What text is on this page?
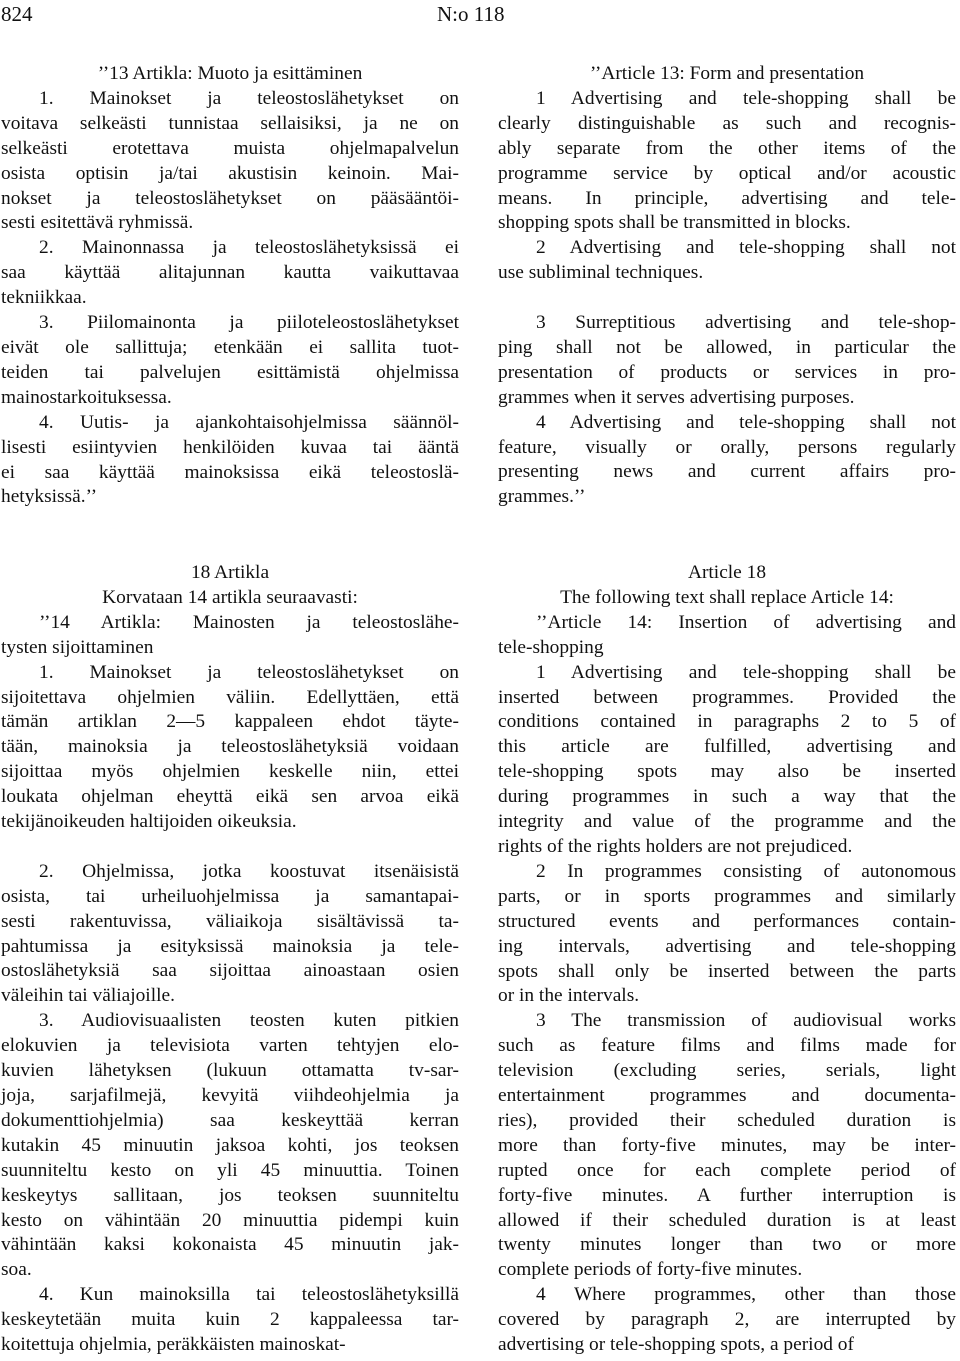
824	N:o 118

’’13 Artikla: Muoto ja esittäminen

1. Mainokset ja teleostoslähetykset on

voitava selkeästi tunnistaa sellaisiksi, ja ne on

selkeästi erotettava muista ohjelmapalvelun

osista optisin ja/tai akustisin keinoin. Mai-

nokset ja teleostoslähetykset on pääsääntöi-

sesti esitettävä ryhmissä.

2. Mainonnassa ja teleostoslähetyksissä ei

saa käyttää alitajunnan kautta vaikuttavaa

tekniikkaa.

3. Piilomainonta ja piiloteleostoslähetykset

eivät ole sallittuja; etenkään ei sallita tuot-

teiden tai palvelujen esittämistä ohjelmissa

mainostarkoituksessa.

4. Uutis- ja ajankohtaisohjelmissa säännöl-

lisesti esiintyvien henkilöiden kuvaa tai ääntä

ei saa käyttää mainoksissa eikä teleostoslä-

hetyksissä.’’

’’Article 13: Form and presentation

1 Advertising and tele-shopping shall be

clearly distinguishable as such and recognis-

ably separate from the other items of the

programme service by optical and/or acoustic

means. In principle, advertising and tele-

shopping spots shall be transmitted in blocks.

2 Advertising and tele-shopping shall not

use subliminal techniques.

3 Surreptitious advertising and tele-shop-

ping shall not be allowed, in particular the

presentation of products or services in pro-

grammes when it serves advertising purposes.

4 Advertising and tele-shopping shall not

feature, visually or orally, persons regularly

presenting news and current affairs pro-

grammes.’’

18 Artikla

Korvataan 14 artikla seuraavasti:

’’14 Artikla: Mainosten ja teleostoslähe-

tysten sijoittaminen

1. Mainokset ja teleostoslähetykset on

sijoitettava ohjelmien väliin. Edellyttäen, että

tämän artiklan 2—5 kappaleen ehdot täyte-

tään, mainoksia ja teleostoslähetyksiä voidaan

sijoittaa myös ohjelmien keskelle niin, ettei

loukata ohjelman eheyttä eikä sen arvoa eikä

tekijänoikeuden haltijoiden oikeuksia.

2. Ohjelmissa, jotka koostuvat itsenäisistä

osista, tai urheiluohjelmissa ja samantapai-

sesti rakentuvissa, väliaikoja sisältävissä ta-

pahtumissa ja esityksissä mainoksia ja tele-

ostoslähetyksiä saa sijoittaa ainoastaan osien

väleihin tai väliajoille.

3. Audiovisuaalisten teosten kuten pitkien

elokuvien ja televisiota varten tehtyjen elo-

kuvien lähetyksen (lukuun ottamatta tv-sar-

joja, sarjafilmejä, kevyitä viihdeohjelmia ja

dokumenttiohjelmia) saa keskeyttää kerran

kutakin 45 minuutin jaksoa kohti, jos teoksen

suunniteltu kesto on yli 45 minuuttia. Toinen

keskeytys sallitaan, jos teoksen suunniteltu

kesto on vähintään 20 minuuttia pidempi kuin

vähintään kaksi kokonaista 45 minuutin jak-

soa.

4. Kun mainoksilla tai teleostoslähetyksillä

keskeytetään muita kuin 2 kappaleessa tar-

koitettuja ohjelmia, peräkkäisten mainoskat-

Article 18

The following text shall replace Article 14:

’’Article 14: Insertion of advertising and

tele-shopping

1 Advertising and tele-shopping shall be

inserted between programmes. Provided the

conditions contained in paragraphs 2 to 5 of

this article are fulfilled, advertising and

tele-shopping spots may also be inserted

during programmes in such a way that the

integrity and value of the programme and the

rights of the rights holders are not prejudiced.

2 In programmes consisting of autonomous

parts, or in sports programmes and similarly

structured events and performances contain-

ing intervals, advertising and tele-shopping

spots shall only be inserted between the parts

or in the intervals.

3 The transmission of audiovisual works

such as feature films and films made for

television (excluding series, serials, light

entertainment programmes and documenta-

ries), provided their scheduled duration is

more than forty-five minutes, may be inter-

rupted once for each complete period of

forty-five minutes. A further interruption is

allowed if their scheduled duration is at least

twenty minutes longer than two or more

complete periods of forty-five minutes.

4 Where programmes, other than those

covered by paragraph 2, are interrupted by

advertising or tele-shopping spots, a period of
